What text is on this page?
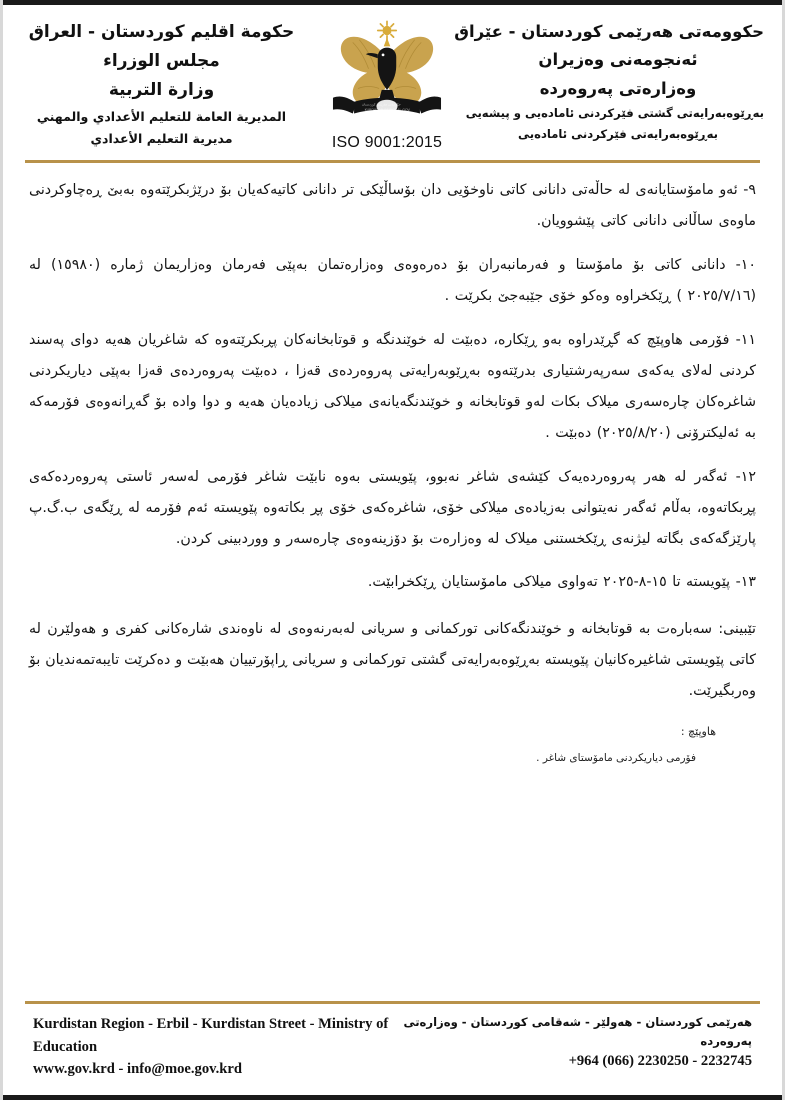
حكومة اقليم كوردستان - العراق
مجلس الوزراء
وزارة التربية
المديرية العامة للتعليم الأعدادي والمهني
مديرية التعليم الأعدادي
حكومةتى هةريَمى كوردستان
KURDISTAN REGIONAL GOV.
ISO 9001:2015
حکوومەتی هەرێمی کوردستان - عێراق
ئەنجومەنی وەزیران
وەزارەتی پەروەردە
بەڕێوەبەرایەتی گشتی فێرکردنی ئامادەیی و پیشەیی
بەڕێوەبەرایەتی فێرکردنی ئامادەیی

٩- ئەو مامۆستایانەی لە حاڵەتی دانانی کاتی ناوخۆیی دان بۆساڵێکی تر دانانی کاتیەکەیان بۆ درێژبکرێتەوە بەبێ ڕەچاوکردنی ماوەی ساڵانی دانانی کاتی پێشوویان.

١٠- دانانی کاتی بۆ مامۆستا و فەرمانبەران بۆ دەرەوەی وەزارەتمان بەپێی فەرمان وەزاریمان ژماره (١٥٩٨٠) لە (٢٠٢٥/٧/١٦ ) ڕێکخراوە وەکو خۆی جێبەجێ بکرێت .

١١- فۆرمی هاوپێچ کە گڕێدراوە بەو ڕێکاره، دەبێت لە خوێندنگە و قوتابخانەکان پڕبکرێتەوە کە شاغریان هەیە دوای پەسند کردنی لەلای یەکەی سەرپەرشتیاری بدرێتەوە بەڕێوبەرایەتی پەروەردەی قەزا ، دەبێت پەروەردەی قەزا بەپێی دیاریکردنی شاغرەکان چارەسەری میلاک بکات لەو قوتابخانە و خوێندنگەیانەی میلاکی زیادەیان هەیە و دوا واده بۆ گەڕانەوەی فۆرمەکە بە ئەلیکترۆنی (٢٠٢٥/٨/٢٠) دەبێت .

١٢- ئەگەر لە هەر پەروەردەیەک کێشەی شاغر نەبوو، پێویستی بەوە نابێت شاغر فۆرمی لەسەر ئاستی پەروەردەکەی پڕبکاتەوە، بەڵام ئەگەر نەیتوانی بەزیادەی میلاکی خۆی، شاغرەکەی خۆی پڕ بکاتەوە پێویستە ئەم فۆرمە لە ڕێگەی ب.گ.پ پارێزگەکەی بگاتە لیژنەی ڕێکخستنی میلاک لە وەزارەت بۆ دۆزینەوەی چارەسەر و ووردبینی کردن.

١٣- پێویستە تا ١٥-٨-٢٠٢٥ تەواوی میلاکی مامۆستایان ڕێکخرابێت.

تێبینی: سەبارەت بە قوتابخانە و خوێندنگەکانی تورکمانی و سریانی لەبەرنەوەی لە ناوەندی شارەکانی کفری و هەولێرن لە کاتی پێویستی شاغیرەکانیان پێویستە بەڕێوەبەرایەتی گشتی تورکمانی و سریانی ڕاپۆرتییان هەبێت و دەکرێت تایبەتمەندیان بۆ وەربگیرێت.

هاوپێچ :
فۆرمی دیاریکردنی مامۆستای شاغر .
Kurdistan Region - Erbil - Kurdistan Street - Ministry of Education
www.gov.krd - info@moe.gov.krd
هەرێمی کوردستان - هەولێر - شەقامی کوردستان - وەزارەتی پەروەردە
+964 (066) 2230250 - 2232745
